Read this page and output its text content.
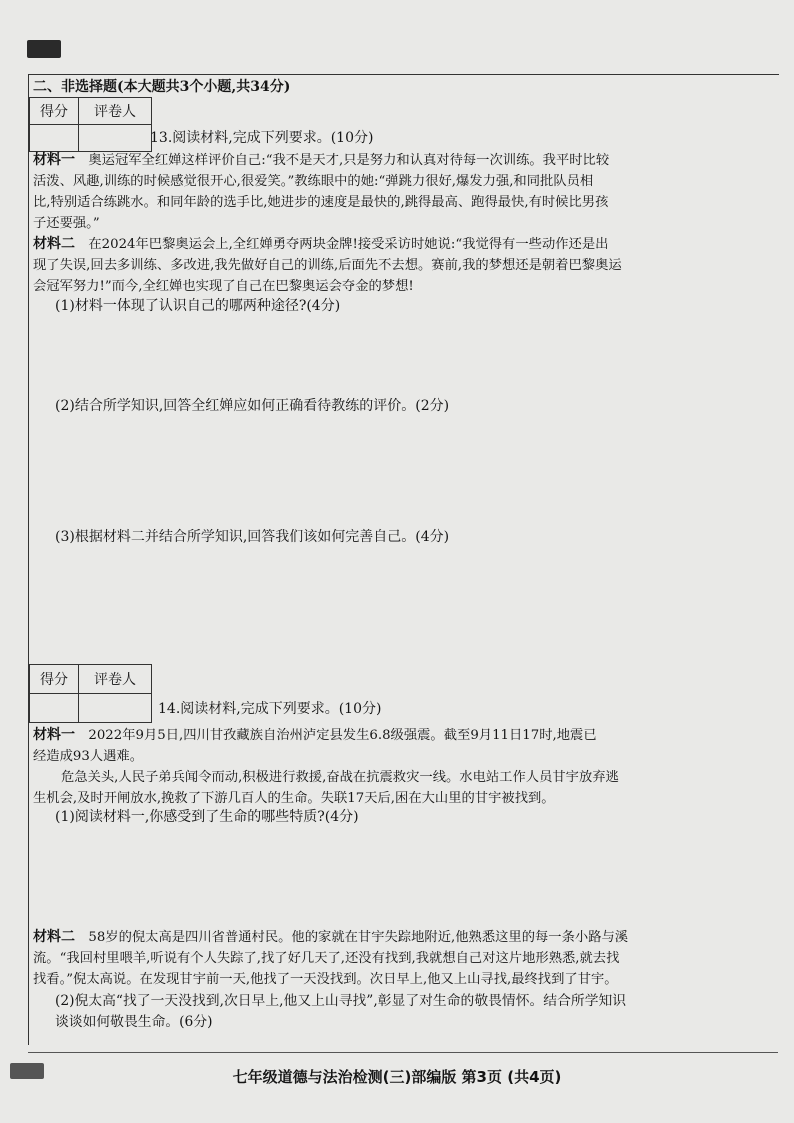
二、非选择题(本大题共3个小题,共34分)
得分	评卷人

13.阅读材料,完成下列要求。(10分)
材料一 奥运冠军全红婵这样评价自己:“我不是天才,只是努力和认真对待每一次训练。我平时比较
活泼、风趣,训练的时候感觉很开心,很爱笑。”教练眼中的她:“弹跳力很好,爆发力强,和同批队员相
比,特别适合练跳水。和同年龄的选手比,她进步的速度是最快的,跳得最高、跑得最快,有时候比男孩
子还要强。”
材料二 在2024年巴黎奥运会上,全红婵勇夺两块金牌!接受采访时她说:“我觉得有一些动作还是出
现了失误,回去多训练、多改进,我先做好自己的训练,后面先不去想。赛前,我的梦想还是朝着巴黎奥运
会冠军努力!”而今,全红婵也实现了自己在巴黎奥运会夺金的梦想!
(1)材料一体现了认识自己的哪两种途径?(4分)
(2)结合所学知识,回答全红婵应如何正确看待教练的评价。(2分)
(3)根据材料二并结合所学知识,回答我们该如何完善自己。(4分)
得分	评卷人

14.阅读材料,完成下列要求。(10分)
材料一 2022年9月5日,四川甘孜藏族自治州泸定县发生6.8级强震。截至9月11日17时,地震已
经造成93人遇难。
危急关头,人民子弟兵闻令而动,积极进行救援,奋战在抗震救灾一线。水电站工作人员甘宇放弃逃
生机会,及时开闸放水,挽救了下游几百人的生命。失联17天后,困在大山里的甘宇被找到。
(1)阅读材料一,你感受到了生命的哪些特质?(4分)
材料二 58岁的倪太高是四川省普通村民。他的家就在甘宇失踪地附近,他熟悉这里的每一条小路与溪
流。“我回村里喂羊,听说有个人失踪了,找了好几天了,还没有找到,我就想自己对这片地形熟悉,就去找
找看。”倪太高说。在发现甘宇前一天,他找了一天没找到。次日早上,他又上山寻找,最终找到了甘宇。
(2)倪太高“找了一天没找到,次日早上,他又上山寻找”,彰显了对生命的敬畏情怀。结合所学知识
谈谈如何敬畏生命。(6分)
七年级道德与法治检测(三)部编版 第3页 (共4页)
